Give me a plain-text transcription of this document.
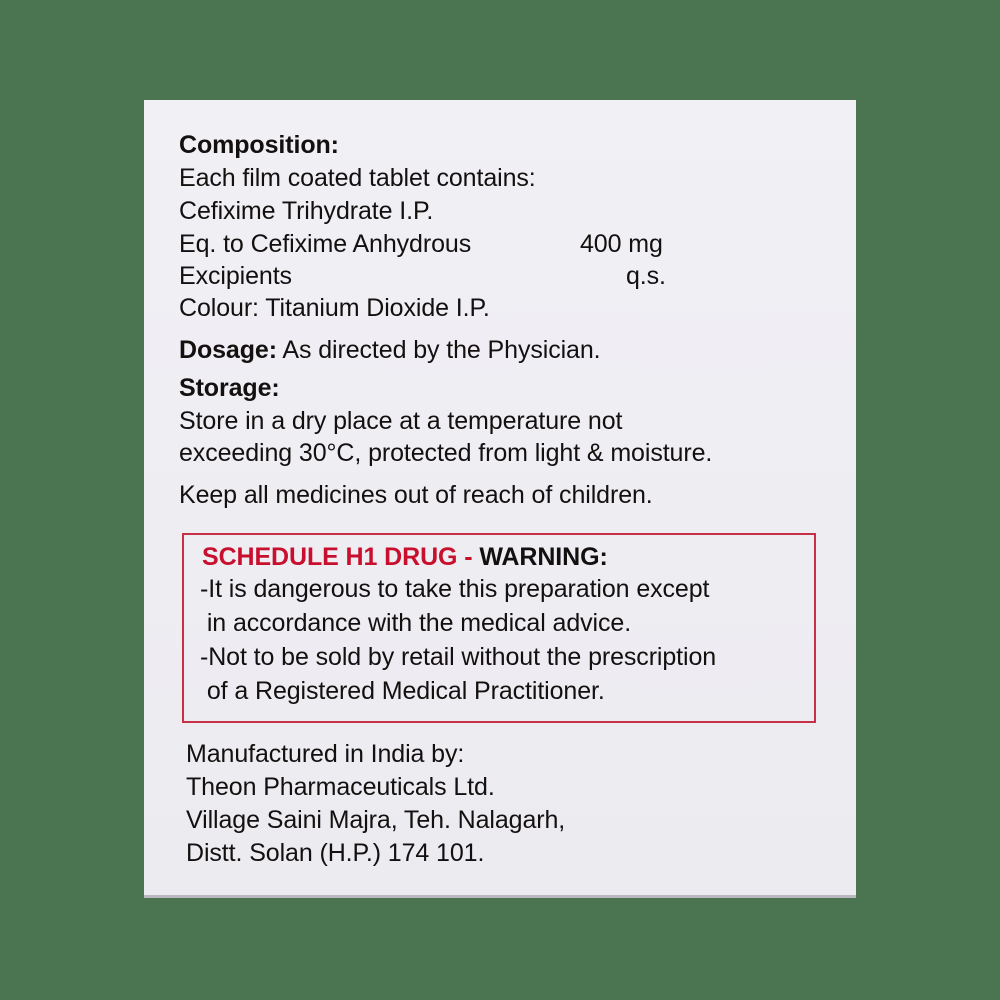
Composition:
Each film coated tablet contains:
Cefixime Trihydrate I.P.
Eq. to Cefixime Anhydrous	400 mg
Excipients	q.s.
Colour: Titanium Dioxide I.P.
Dosage: As directed by the Physician.
Storage:
Store in a dry place at a temperature not
exceeding 30°C, protected from light & moisture.
Keep all medicines out of reach of children.
SCHEDULE H1 DRUG - WARNING:
-It is dangerous to take this preparation except
in accordance with the medical advice.
-Not to be sold by retail without the prescription
of a Registered Medical Practitioner.
Manufactured in India by:
Theon Pharmaceuticals Ltd.
Village Saini Majra, Teh. Nalagarh,
Distt. Solan (H.P.) 174 101.
